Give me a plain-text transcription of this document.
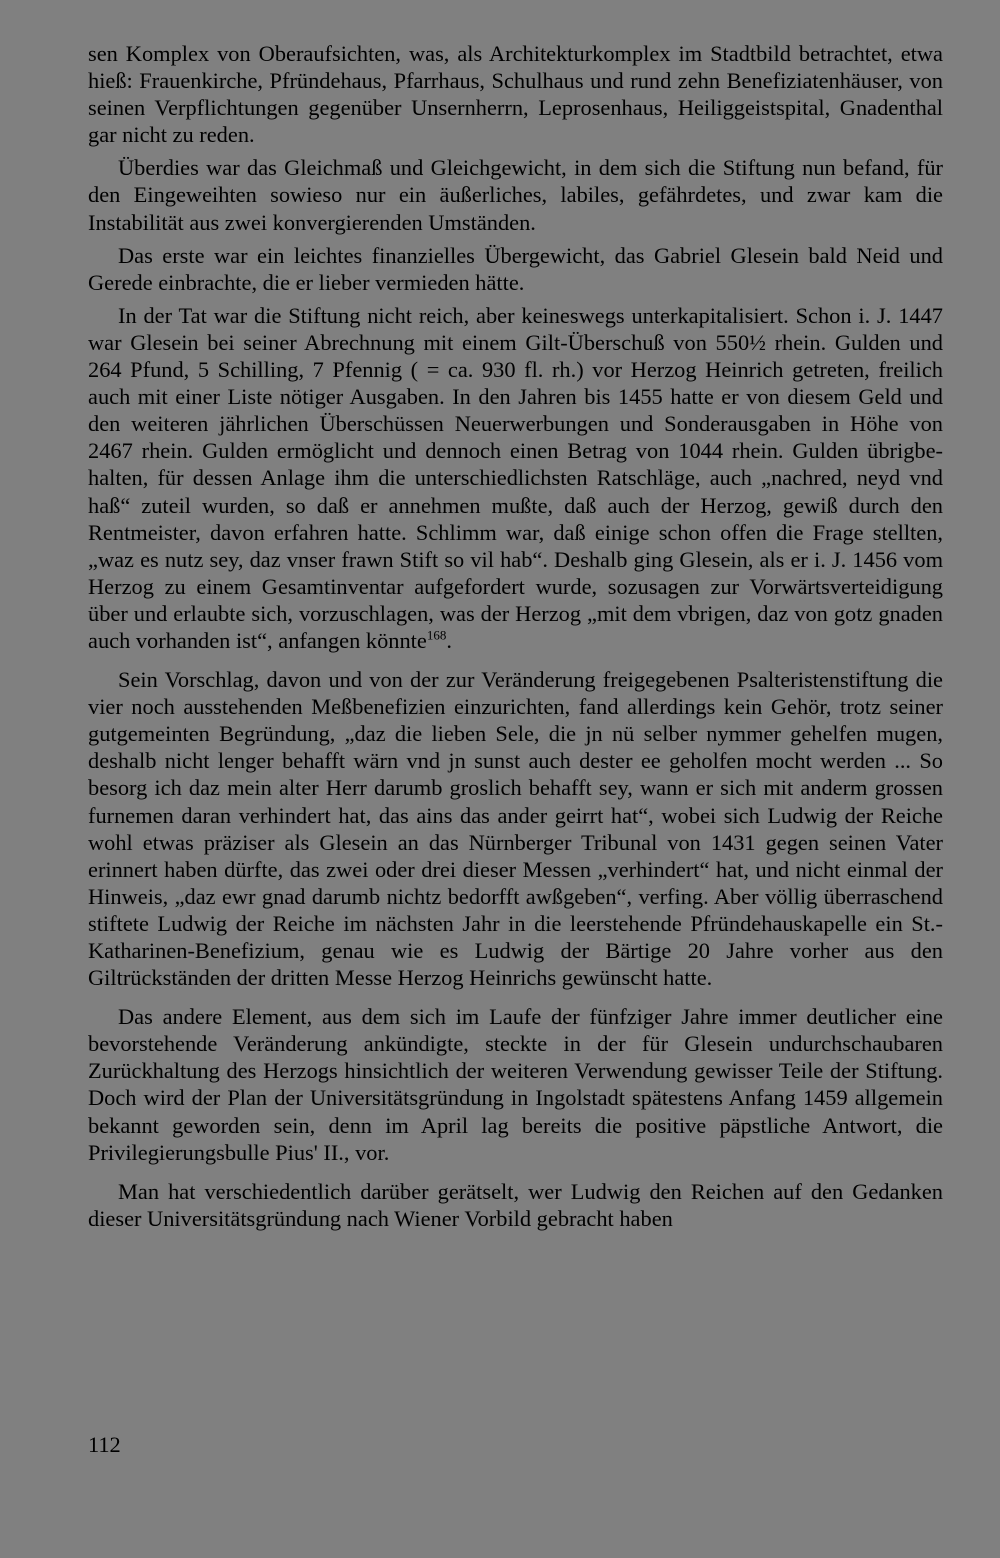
sen Komplex von Oberaufsichten, was, als Architekturkomplex im Stadtbild betrachtet, etwa hieß: Frauenkirche, Pfründehaus, Pfarrhaus, Schulhaus und rund zehn Benefiziatenhäuser, von seinen Verpflichtungen gegenüber Unsernherrn, Leprosenhaus, Heiliggeistspital, Gnadenthal gar nicht zu reden.

Überdies war das Gleichmaß und Gleichgewicht, in dem sich die Stiftung nun befand, für den Eingeweihten sowieso nur ein äußerliches, labiles, gefährdetes, und zwar kam die Instabilität aus zwei konvergierenden Umständen.

Das erste war ein leichtes finanzielles Übergewicht, das Gabriel Glesein bald Neid und Gerede einbrachte, die er lieber vermieden hätte.

In der Tat war die Stiftung nicht reich, aber keineswegs unterkapitalisiert. Schon i. J. 1447 war Glesein bei seiner Abrechnung mit einem Gilt-Überschuß von 550½ rhein. Gulden und 264 Pfund, 5 Schilling, 7 Pfennig ( = ca. 930 fl. rh.) vor Herzog Heinrich getreten, freilich auch mit einer Liste nötiger Ausgaben. In den Jahren bis 1455 hatte er von diesem Geld und den weiteren jährlichen Überschüssen Neuerwerbungen und Sonderausgaben in Höhe von 2467 rhein. Gulden ermöglicht und dennoch einen Betrag von 1044 rhein. Gulden übrigbehalten, für dessen Anlage ihm die unterschiedlichsten Ratschläge, auch „nachred, neyd vnd haß“ zuteil wurden, so daß er annehmen mußte, daß auch der Herzog, gewiß durch den Rentmeister, davon erfahren hatte. Schlimm war, daß einige schon offen die Frage stellten, „waz es nutz sey, daz vnser frawn Stift so vil hab“. Deshalb ging Glesein, als er i. J. 1456 vom Herzog zu einem Gesamtinventar aufgefordert wurde, sozusagen zur Vorwärtsverteidigung über und erlaubte sich, vorzuschlagen, was der Herzog „mit dem vbrigen, daz von gotz gnaden auch vorhanden ist“, anfangen könnte$^{168}$.

Sein Vorschlag, davon und von der zur Veränderung freigegebenen Psalteristenstiftung die vier noch ausstehenden Meßbenefizien einzurichten, fand allerdings kein Gehör, trotz seiner gutgemeinten Begründung, „daz die lieben Sele, die jn nü selber nymmer gehelfen mugen, deshalb nicht lenger behafft wärn vnd jn sunst auch dester ee geholfen mocht werden ... So besorg ich daz mein alter Herr darumb groslich behafft sey, wann er sich mit anderm grossen furnemen daran verhindert hat, das ains das ander geirrt hat“, wobei sich Ludwig der Reiche wohl etwas präziser als Glesein an das Nürnberger Tribunal von 1431 gegen seinen Vater erinnert haben dürfte, das zwei oder drei dieser Messen „verhindert“ hat, und nicht einmal der Hinweis, „daz ewr gnad darumb nichtz bedorfft awßgeben“, verfing. Aber völlig überraschend stiftete Ludwig der Reiche im nächsten Jahr in die leerstehende Pfründehauskapelle ein St.-Katharinen-Benefizium, genau wie es Ludwig der Bärtige 20 Jahre vorher aus den Giltrückständen der dritten Messe Herzog Heinrichs gewünscht hatte.

Das andere Element, aus dem sich im Laufe der fünfziger Jahre immer deutlicher eine bevorstehende Veränderung ankündigte, steckte in der für Glesein undurchschaubaren Zurückhaltung des Herzogs hinsichtlich der weiteren Verwendung gewisser Teile der Stiftung. Doch wird der Plan der Universitätsgründung in Ingolstadt spätestens Anfang 1459 allgemein bekannt geworden sein, denn im April lag bereits die positive päpstliche Antwort, die Privilegierungsbulle Pius' II., vor.

Man hat verschiedentlich darüber gerätselt, wer Ludwig den Reichen auf den Gedanken dieser Universitätsgründung nach Wiener Vorbild gebracht haben

112
